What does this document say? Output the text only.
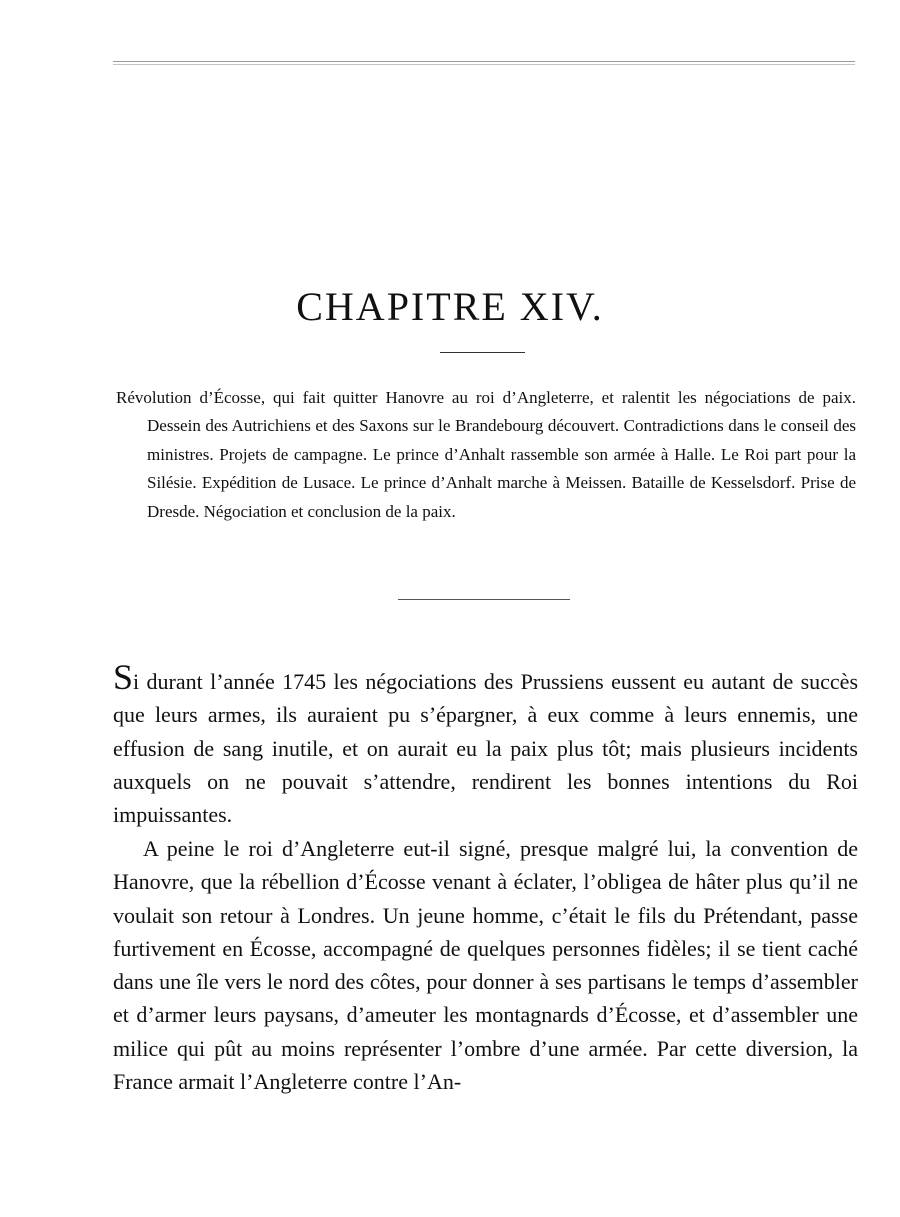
CHAPITRE XIV.

Révolution d’Écosse, qui fait quitter Hanovre au roi d’Angleterre, et ralentit les négociations de paix. Dessein des Autrichiens et des Saxons sur le Brandebourg découvert. Contradictions dans le conseil des ministres. Projets de campagne. Le prince d’Anhalt rassemble son armée à Halle. Le Roi part pour la Silésie. Expédition de Lusace. Le prince d’Anhalt marche à Meissen. Bataille de Kesselsdorf. Prise de Dresde. Négociation et conclusion de la paix.

Si durant l’année 1745 les négociations des Prussiens eussent eu autant de succès que leurs armes, ils auraient pu s’épargner, à eux comme à leurs ennemis, une effusion de sang inutile, et on aurait eu la paix plus tôt; mais plusieurs incidents auxquels on ne pouvait s’attendre, rendirent les bonnes intentions du Roi impuissantes.

A peine le roi d’Angleterre eut-il signé, presque malgré lui, la convention de Hanovre, que la rébellion d’Écosse venant à éclater, l’obligea de hâter plus qu’il ne voulait son retour à Londres. Un jeune homme, c’était le fils du Prétendant, passe furtivement en Écosse, accompagné de quelques personnes fidèles; il se tient caché dans une île vers le nord des côtes, pour donner à ses partisans le temps d’assembler et d’armer leurs paysans, d’ameuter les montagnards d’Écosse, et d’assembler une milice qui pût au moins représenter l’ombre d’une armée. Par cette diversion, la France armait l’Angleterre contre l’An-
